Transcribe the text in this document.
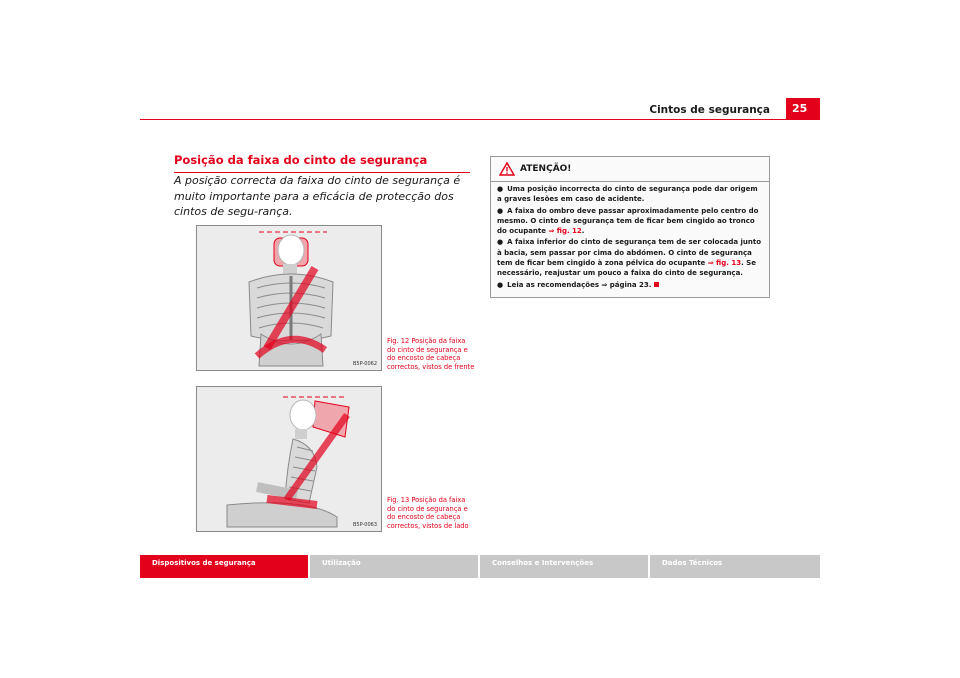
Cintos de segurança	25
Posição da faixa do cinto de segurança
A posição correcta da faixa do cinto de segurança é muito importante para a eficácia de protecção dos cintos de segu-rança.
B5P-0062
Fig. 12 Posição da faixa do cinto de segurança e do encosto de cabeça correctos, vistos de frente
B5P-0063
Fig. 13 Posição da faixa do cinto de segurança e do encosto de cabeça correctos, vistos de lado
ATENÇÃO!
● Uma posição incorrecta do cinto de segurança pode dar origem a graves lesões em caso de acidente.
● A faixa do ombro deve passar aproximadamente pelo centro do mesmo. O cinto de segurança tem de ficar bem cingido ao tronco do ocupante ⇒ fig. 12.
● A faixa inferior do cinto de segurança tem de ser colocada junto à bacia, sem passar por cima do abdómen. O cinto de segurança tem de ficar bem cingido à zona pélvica do ocupante ⇒ fig. 13. Se necessário, reajustar um pouco a faixa do cinto de segurança.
● Leia as recomendações ⇒ página 23.
Dispositivos de segurança	Utilização	Conselhos e Intervenções	Dados Técnicos
